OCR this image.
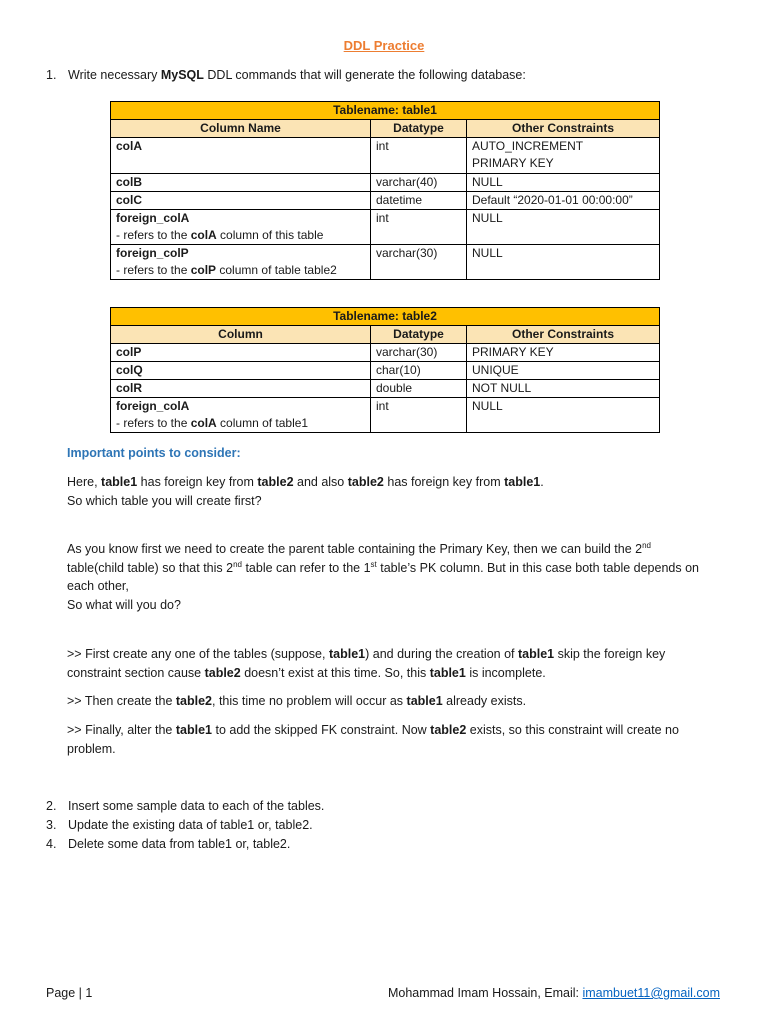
DDL Practice
1. Write necessary MySQL DDL commands that will generate the following database:
Tablename: table1		
Column Name	Datatype	Other Constraints
colA	int	AUTO_INCREMENT
PRIMARY KEY

colB	varchar(40)	NULL
colC	datetime	Default “2020-01-01 00:00:00”

foreign_colA
- refers to the colA column of this table	int	NULL

foreign_colP
- refers to the colP column of table table2	varchar(30)	NULL
Tablename: table2		
Column	Datatype	Other Constraints
colP	varchar(30)	PRIMARY KEY
colQ	char(10)	UNIQUE
colR	double	NOT NULL

foreign_colA
- refers to the colA column of table1	int	NULL
Important points to consider:
Here, table1 has foreign key from table2 and also table2 has foreign key from table1.
So which table you will create first?
As you know first we need to create the parent table containing the Primary Key, then we can build the 2nd
table(child table) so that this 2nd table can refer to the 1st table’s PK column. But in this case both table depends on each other,
So what will you do?
>> First create any one of the tables (suppose, table1) and during the creation of table1 skip the foreign key constraint section cause table2 doesn’t exist at this time. So, this table1 is incomplete.
>> Then create the table2, this time no problem will occur as table1 already exists.
>> Finally, alter the table1 to add the skipped FK constraint. Now table2 exists, so this constraint will create no problem.
2. Insert some sample data to each of the tables.
3. Update the existing data of table1 or, table2.
4. Delete some data from table1 or, table2.
Page | 1	Mohammad Imam Hossain, Email: imambuet11@gmail.com
